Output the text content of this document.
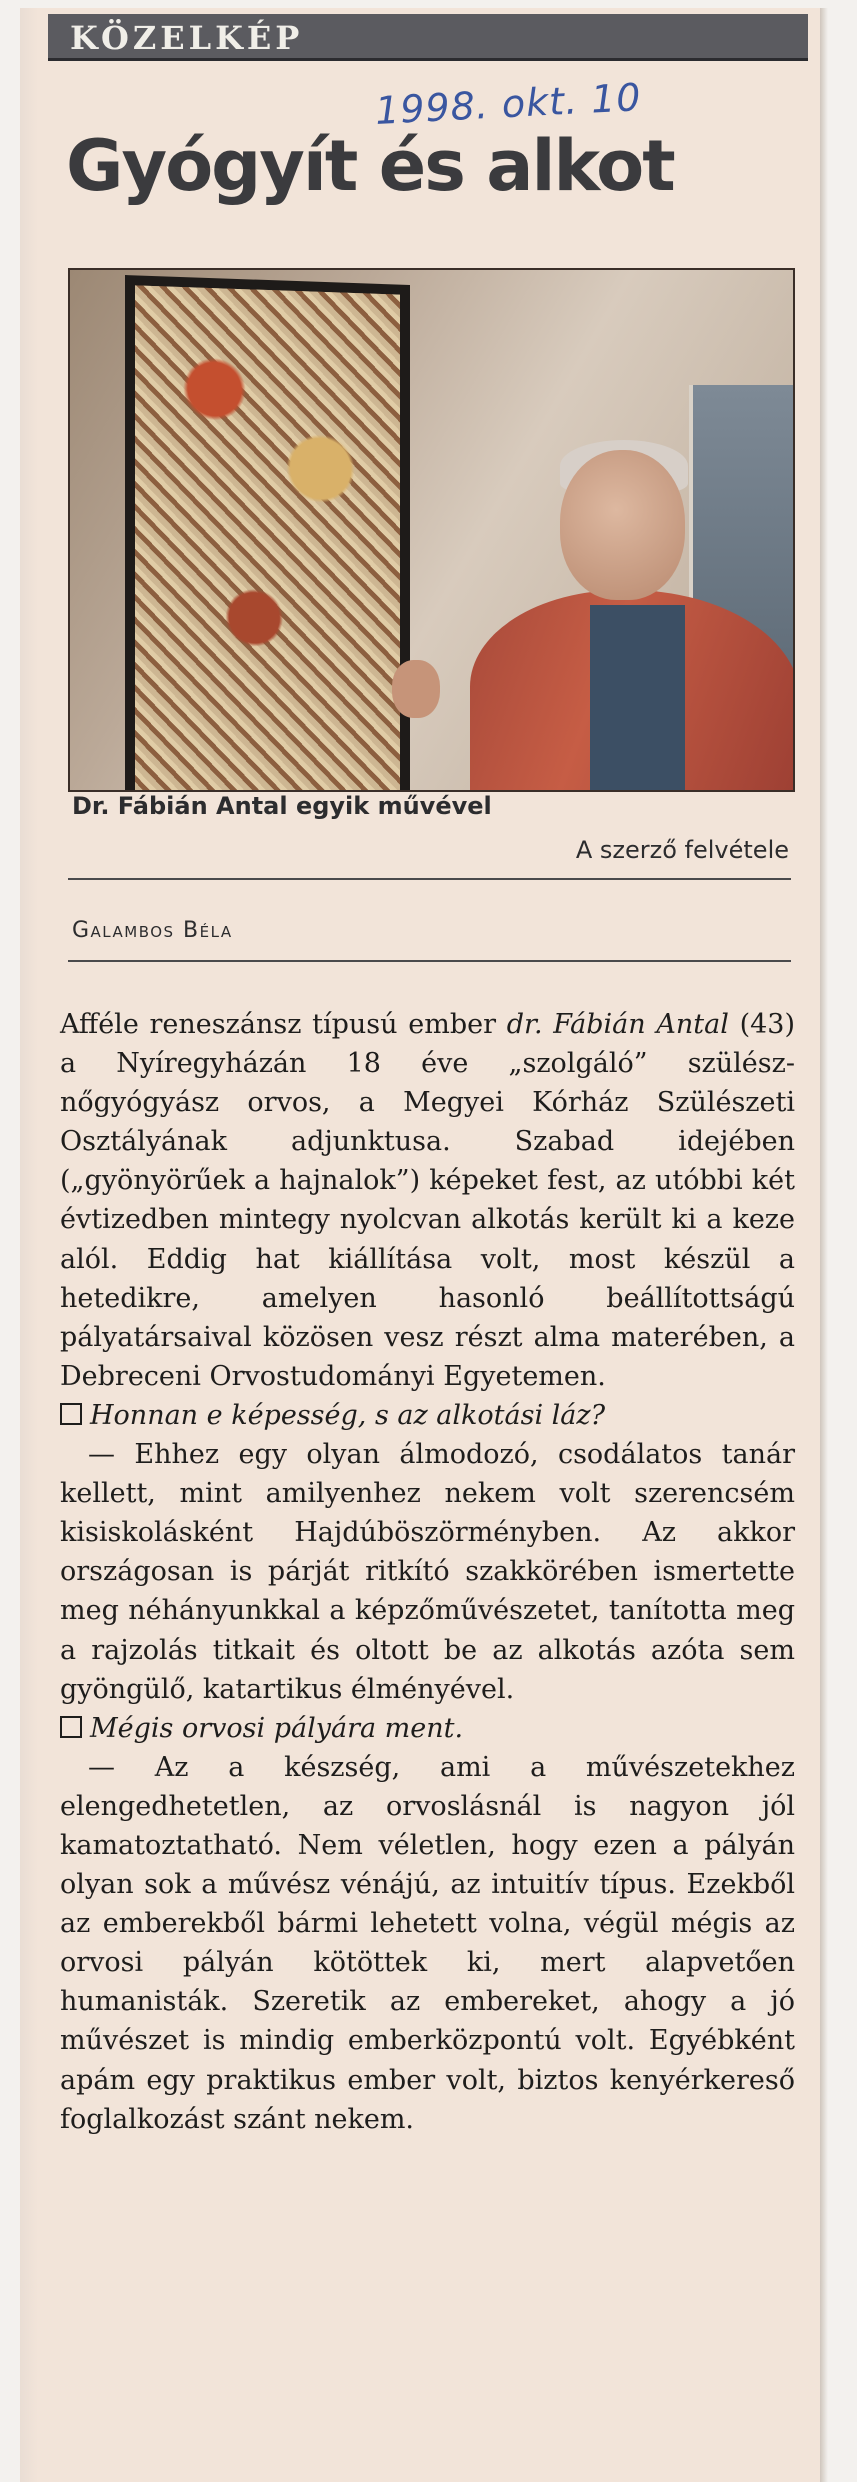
KÖZELKÉP
1998. okt. 10
Gyógyít és alkot
Dr. Fábián Antal egyik művével
A szerző felvétele
Galambos Béla

Afféle reneszánsz típusú ember dr. Fábián Antal (43) a Nyíregyházán 18 éve „szolgáló” szülész-nőgyógyász orvos, a Megyei Kórház Szülészeti Osztályának adjunktusa. Szabad idejében („gyönyörűek a hajnalok”) képeket fest, az utóbbi két évtizedben mintegy nyolcvan alkotás került ki a keze alól. Eddig hat kiállítása volt, most készül a hetedikre, amelyen hasonló beállítottságú pályatársaival közösen vesz részt alma materében, a Debreceni Orvostudományi Egyetemen.

Honnan e képesség, s az alkotási láz?

— Ehhez egy olyan álmodozó, csodálatos tanár kellett, mint amilyenhez nekem volt szerencsém kisiskolásként Hajdúböszörményben. Az akkor országosan is párját ritkító szakkörében ismertette meg néhányunkkal a képzőművészetet, tanította meg a rajzolás titkait és oltott be az alkotás azóta sem gyöngülő, katartikus élményével.

Mégis orvosi pályára ment.

— Az a készség, ami a művészetekhez elengedhetetlen, az orvoslásnál is nagyon jól kamatoztatható. Nem véletlen, hogy ezen a pályán olyan sok a művész vénájú, az intuitív típus. Ezekből az emberekből bármi lehetett volna, végül mégis az orvosi pályán kötöttek ki, mert alapvetően humanisták. Szeretik az embereket, ahogy a jó művészet is mindig emberközpontú volt. Egyébként apám egy praktikus ember volt, biztos kenyérkereső foglalkozást szánt nekem.
